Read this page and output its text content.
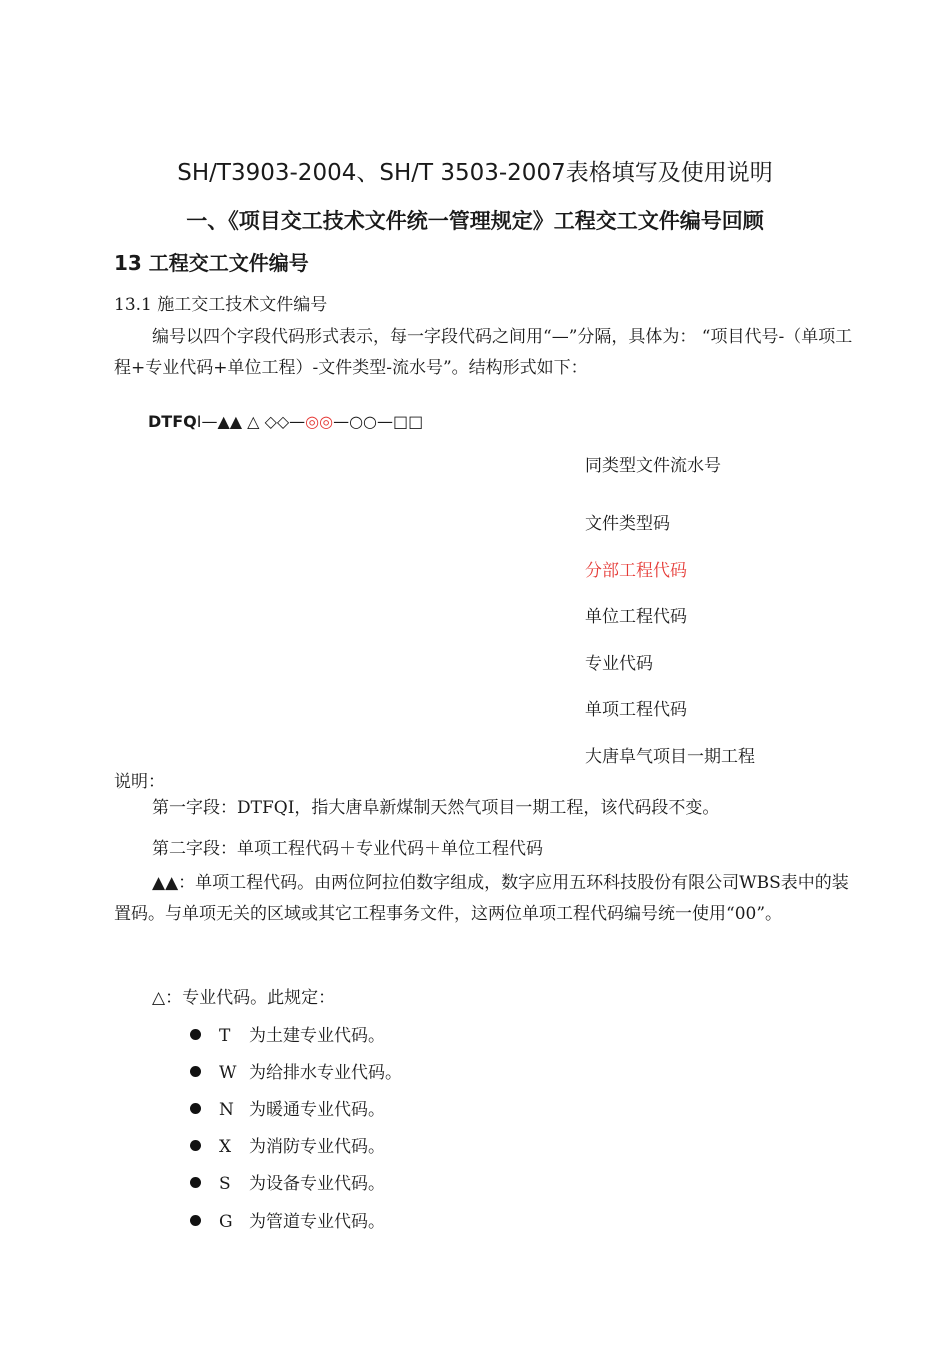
SH/T3903-2004、SH/T 3503-2007表格填写及使用说明
一、《项目交工技术文件统一管理规定》工程交工文件编号回顾
13 工程交工文件编号
13.1 施工交工技术文件编号
编号以四个字段代码形式表示，每一字段代码之间用“—”分隔，具体为： “项目代号-（单项工程+专业代码+单位工程）-文件类型-流水号”。结构形式如下：
DTFQⅠ—▲▲ △ ◇◇—◎◎—○○—□□
同类型文件流水号
文件类型码
分部工程代码
单位工程代码
专业代码
单项工程代码
大唐阜气项目一期工程
说明：
第一字段：DTFQⅠ，指大唐阜新煤制天然气项目一期工程，该代码段不变。
第二字段：单项工程代码＋专业代码＋单位工程代码
▲▲：单项工程代码。由两位阿拉伯数字组成，数字应用五环科技股份有限公司WBS表中的装置码。与单项无关的区域或其它工程事务文件，这两位单项工程代码编号统一使用“00”。
△：专业代码。此规定：
T 为土建专业代码。
W 为给排水专业代码。
N 为暖通专业代码。
X 为消防专业代码。
S 为设备专业代码。
G 为管道专业代码。
